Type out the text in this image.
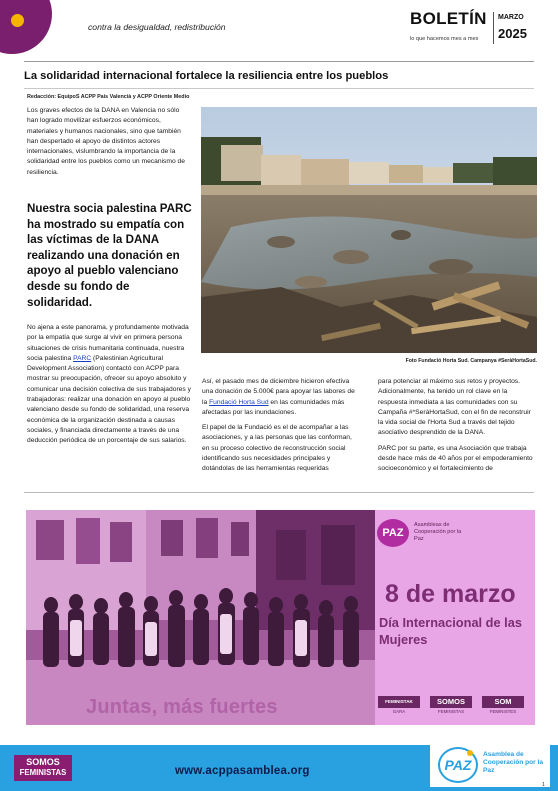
contra la desigualdad, redistribución	BOLETÍN
lo que hacemos mes a mes
MARZO
2025
La solidaridad internacional fortalece la resiliencia entre los pueblos
Redacción: EquipoS ACPP País Valencià y ACPP Oriente Medio

Los graves efectos de la DANA en Valencia no sólo han logrado movilizar esfuerzos económicos, materiales y humanos nacionales, sino que también han despertado el apoyo de distintos actores internacionales, vislumbrando la importancia de la solidaridad entre los pueblos como un mecanismo de resiliencia.

Nuestra socia palestina PARC ha mostrado su empatía con las víctimas de la DANA realizando una donación en apoyo al pueblo valenciano desde su fondo de solidaridad.

No ajena a este panorama, y profundamente motivada por la empatía que surge al vivir en primera persona situaciones de crisis humanitaria continuada, nuestra socia palestina PARC (Palestinian Agricultural Development Association) contactó con ACPP para mostrar su preocupación, ofrecer su apoyo absoluto y comunicar una decisión colectiva de sus trabajadores y trabajadoras: realizar una donación en apoyo al pueblo valenciano desde su fondo de solidaridad, una reserva económica de la organización destinada a causas sociales, y financiada directamente a través de una deducción periódica de un porcentaje de sus salarios.

Foto Fundació Horta Sud. Campanya #SeràHortaSud.

Así, el pasado mes de diciembre hicieron efectiva una donación de 5.000€ para apoyar las labores de la Fundació Horta Sud en las comunidades más afectadas por las inundaciones.

El papel de la Fundació es el de acompañar a las asociaciones, y a las personas que las conforman, en su proceso colectivo de reconstrucción social identificando sus necesidades principales y dotándolas de las herramientas requeridas

para potenciar al máximo sus retos y proyectos. Adicionalmente, ha tenido un rol clave en la respuesta inmediata a las comunidades con su Campaña #*SeràHortaSud, con el fin de reconstruir la vida social de l'Horta Sud a través del tejido asociativo desprendido de la DANA.

PARC por su parte, es una Asociación que trabaja desde hace más de 40 años por el empoderamiento socioeconómico y el fortalecimiento de

Juntas, más fuertes
PAZ
Asambleas de Cooperación por la Paz
8 de marzo
Día Internacional de las Mujeres
FEMINISTAK
GARA
SOMOS
FEMINISTAS
SOM
FEMINISTES
SOMOS
FEMINISTAS	www.acppasamblea.org	PAZ
Asamblea de Cooperación por la Paz
1
